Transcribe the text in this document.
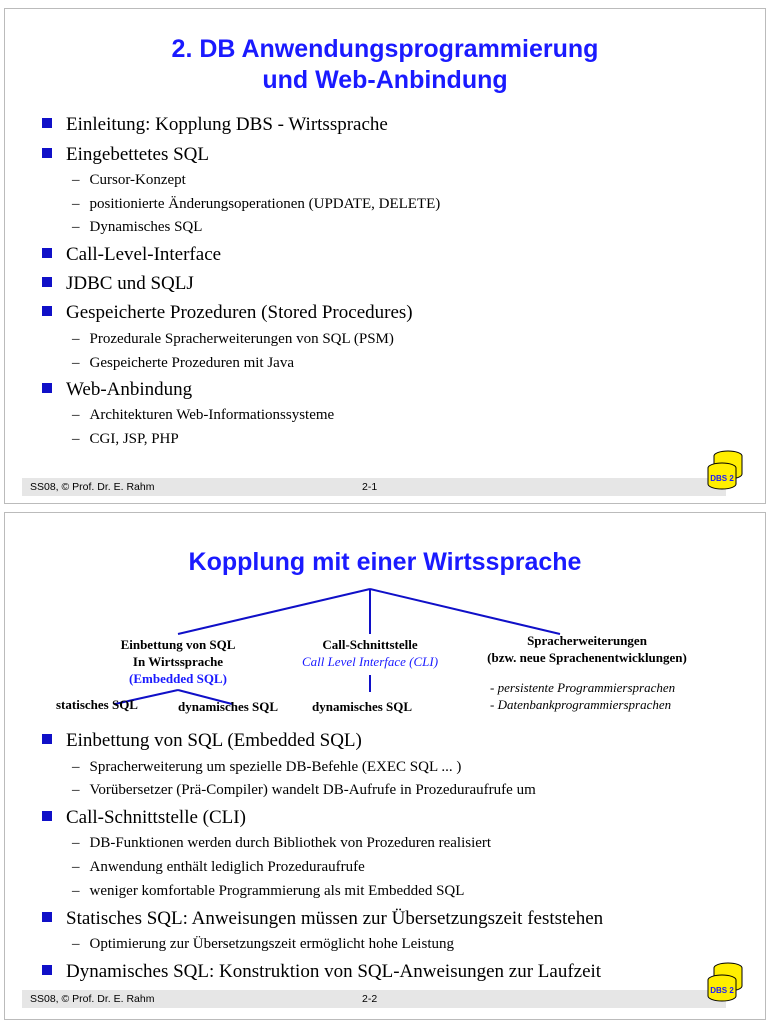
2. DB Anwendungsprogrammierung
und Web-Anbindung
Einleitung: Kopplung DBS - Wirtssprache
Eingebettetes SQL
– Cursor-Konzept
– positionierte Änderungsoperationen (UPDATE, DELETE)
– Dynamisches SQL
Call-Level-Interface
JDBC und SQLJ
Gespeicherte Prozeduren (Stored Procedures)
– Prozedurale Spracherweiterungen von SQL (PSM)
– Gespeicherte Prozeduren mit Java
Web-Anbindung
– Architekturen Web-Informationssysteme
– CGI, JSP, PHP
SS08, © Prof. Dr. E. Rahm	2-1
DBS 2
Kopplung mit einer Wirtssprache
Einbettung von SQL
In Wirtssprache
(Embedded SQL)
Call-Schnittstelle
Call Level Interface (CLI)
Spracherweiterungen
(bzw. neue Sprachenentwicklungen)
statisches SQL	dynamisches SQL	dynamisches SQL
- persistente Programmiersprachen
- Datenbankprogrammiersprachen
Einbettung von SQL (Embedded SQL)
– Spracherweiterung um spezielle DB-Befehle (EXEC SQL ... )
– Vorübersetzer (Prä-Compiler) wandelt DB-Aufrufe in Prozeduraufrufe um
Call-Schnittstelle (CLI)
– DB-Funktionen werden durch Bibliothek von Prozeduren realisiert
– Anwendung enthält lediglich Prozeduraufrufe
– weniger komfortable Programmierung als mit Embedded SQL
Statisches SQL: Anweisungen müssen zur Übersetzungszeit feststehen
– Optimierung zur Übersetzungszeit ermöglicht hohe Leistung
Dynamisches SQL: Konstruktion von SQL-Anweisungen zur Laufzeit
SS08, © Prof. Dr. E. Rahm	2-2
DBS 2
